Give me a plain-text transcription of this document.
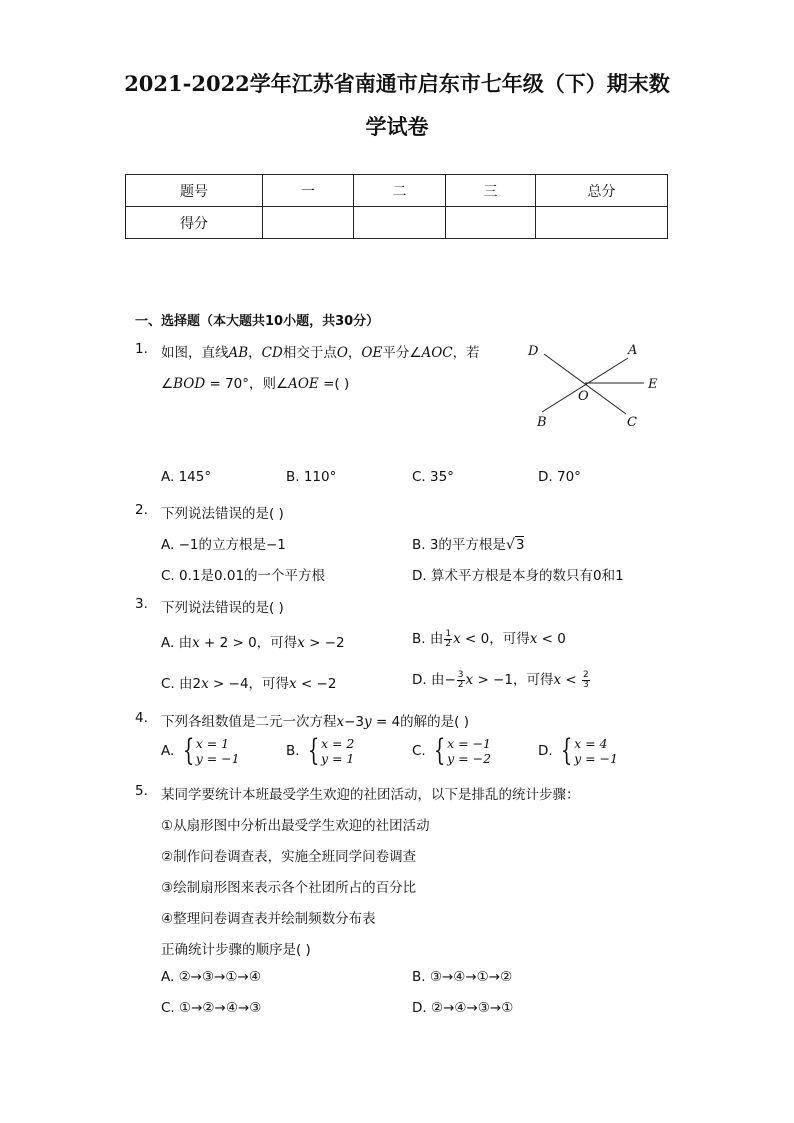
2021-2022学年江苏省南通市启东市七年级（下）期末数
学试卷
题号	一	二	三	总分
得分				
一、选择题（本大题共10小题，共30分）
1. 如图，直线AB，CD相交于点O，OE平分∠AOC，若
∠BOD = 70°，则∠AOE =( )
D	A
E
O
B	C
A. 145°	B. 110°	C. 35°	D. 70°
2. 下列说法错误的是( )
A. −1的立方根是−1	B. 3的平方根是√3
C. 0.1是0.01的一个平方根	D. 算术平方根是本身的数只有0和1
3. 下列说法错误的是( )
A. 由x + 2 > 0，可得x > −2	B. 由 $\frac{1}{2}$ x < 0，可得x < 0
C. 由2x > −4，可得x < −2	D. 由− $\frac{3}{2}$ x > −1，可得$x < \frac{2}{3}$
4. 下列各组数值是二元一次方程x−3y = 4的解的是( )
A.
{ x = 1
y = −1	B.
{ x = 2
y = 1	C.
{ x = −1
y = −2	D.
{ x = 4
y = −1
5. 某同学要统计本班最受学生欢迎的社团活动，以下是排乱的统计步骤：
①从扇形图中分析出最受学生欢迎的社团活动
②制作问卷调查表，实施全班同学问卷调查
③绘制扇形图来表示各个社团所占的百分比
④整理问卷调查表并绘制频数分布表
正确统计步骤的顺序是( )
A. ②→③→①→④	B. ③→④→①→②
C. ①→②→④→③	D. ②→④→③→①
